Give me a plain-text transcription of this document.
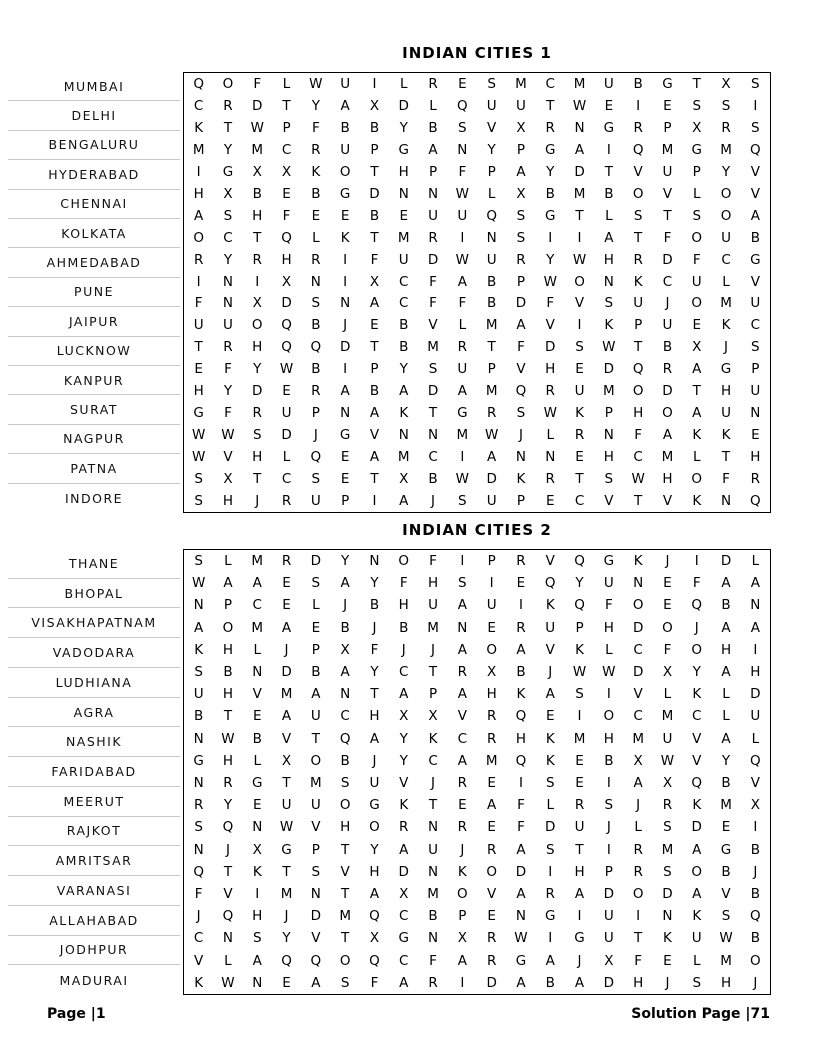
INDIAN CITIES 1
MUMBAI
DELHI
BENGALURU
HYDERABAD
CHENNAI
KOLKATA
AHMEDABAD
PUNE
JAIPUR
LUCKNOW
KANPUR
SURAT
NAGPUR
PATNA
INDORE
Q	O	F	L	W	U	I	L	R	E	S	M	C	M	U	B	G	T	X	S
C	R	D	T	Y	A	X	D	L	Q	U	U	T	W	E	I	E	S	S	I
K	T	W	P	F	B	B	Y	B	S	V	X	R	N	G	R	P	X	R	S
M	Y	M	C	R	U	P	G	A	N	Y	P	G	A	I	Q	M	G	M	Q
I	G	X	X	K	O	T	H	P	F	P	A	Y	D	T	V	U	P	Y	V
H	X	B	E	B	G	D	N	N	W	L	X	B	M	B	O	V	L	O	V
A	S	H	F	E	E	B	E	U	U	Q	S	G	T	L	S	T	S	O	A
O	C	T	Q	L	K	T	M	R	I	N	S	I	I	A	T	F	O	U	B
R	Y	R	H	R	I	F	U	D	W	U	R	Y	W	H	R	D	F	C	G
I	N	I	X	N	I	X	C	F	A	B	P	W	O	N	K	C	U	L	V
F	N	X	D	S	N	A	C	F	F	B	D	F	V	S	U	J	O	M	U
U	U	O	Q	B	J	E	B	V	L	M	A	V	I	K	P	U	E	K	C
T	R	H	Q	Q	D	T	B	M	R	T	F	D	S	W	T	B	X	J	S
E	F	Y	W	B	I	P	Y	S	U	P	V	H	E	D	Q	R	A	G	P
H	Y	D	E	R	A	B	A	D	A	M	Q	R	U	M	O	D	T	H	U
G	F	R	U	P	N	A	K	T	G	R	S	W	K	P	H	O	A	U	N
W	W	S	D	J	G	V	N	N	M	W	J	L	R	N	F	A	K	K	E
W	V	H	L	Q	E	A	M	C	I	A	N	N	E	H	C	M	L	T	H
S	X	T	C	S	E	T	X	B	W	D	K	R	T	S	W	H	O	F	R
S	H	J	R	U	P	I	A	J	S	U	P	E	C	V	T	V	K	N	Q
INDIAN CITIES 2
THANE
BHOPAL
VISAKHAPATNAM
VADODARA
LUDHIANA
AGRA
NASHIK
FARIDABAD
MEERUT
RAJKOT
AMRITSAR
VARANASI
ALLAHABAD
JODHPUR
MADURAI
S	L	M	R	D	Y	N	O	F	I	P	R	V	Q	G	K	J	I	D	L
W	A	A	E	S	A	Y	F	H	S	I	E	Q	Y	U	N	E	F	A	A
N	P	C	E	L	J	B	H	U	A	U	I	K	Q	F	O	E	Q	B	N
A	O	M	A	E	B	J	B	M	N	E	R	U	P	H	D	O	J	A	A
K	H	L	J	P	X	F	J	J	A	O	A	V	K	L	C	F	O	H	I
S	B	N	D	B	A	Y	C	T	R	X	B	J	W	W	D	X	Y	A	H
U	H	V	M	A	N	T	A	P	A	H	K	A	S	I	V	L	K	L	D
B	T	E	A	U	C	H	X	X	V	R	Q	E	I	O	C	M	C	L	U
N	W	B	V	T	Q	A	Y	K	C	R	H	K	M	H	M	U	V	A	L
G	H	L	X	O	B	J	Y	C	A	M	Q	K	E	B	X	W	V	Y	Q
N	R	G	T	M	S	U	V	J	R	E	I	S	E	I	A	X	Q	B	V
R	Y	E	U	U	O	G	K	T	E	A	F	L	R	S	J	R	K	M	X
S	Q	N	W	V	H	O	R	N	R	E	F	D	U	J	L	S	D	E	I
N	J	X	G	P	T	Y	A	U	J	R	A	S	T	I	R	M	A	G	B
Q	T	K	T	S	V	H	D	N	K	O	D	I	H	P	R	S	O	B	J
F	V	I	M	N	T	A	X	M	O	V	A	R	A	D	O	D	A	V	B
J	Q	H	J	D	M	Q	C	B	P	E	N	G	I	U	I	N	K	S	Q
C	N	S	Y	V	T	X	G	N	X	R	W	I	G	U	T	K	U	W	B
V	L	A	Q	Q	O	Q	C	F	A	R	G	A	J	X	F	E	L	M	O
K	W	N	E	A	S	F	A	R	I	D	A	B	A	D	H	J	S	H	J
Page |1	Solution Page |71
